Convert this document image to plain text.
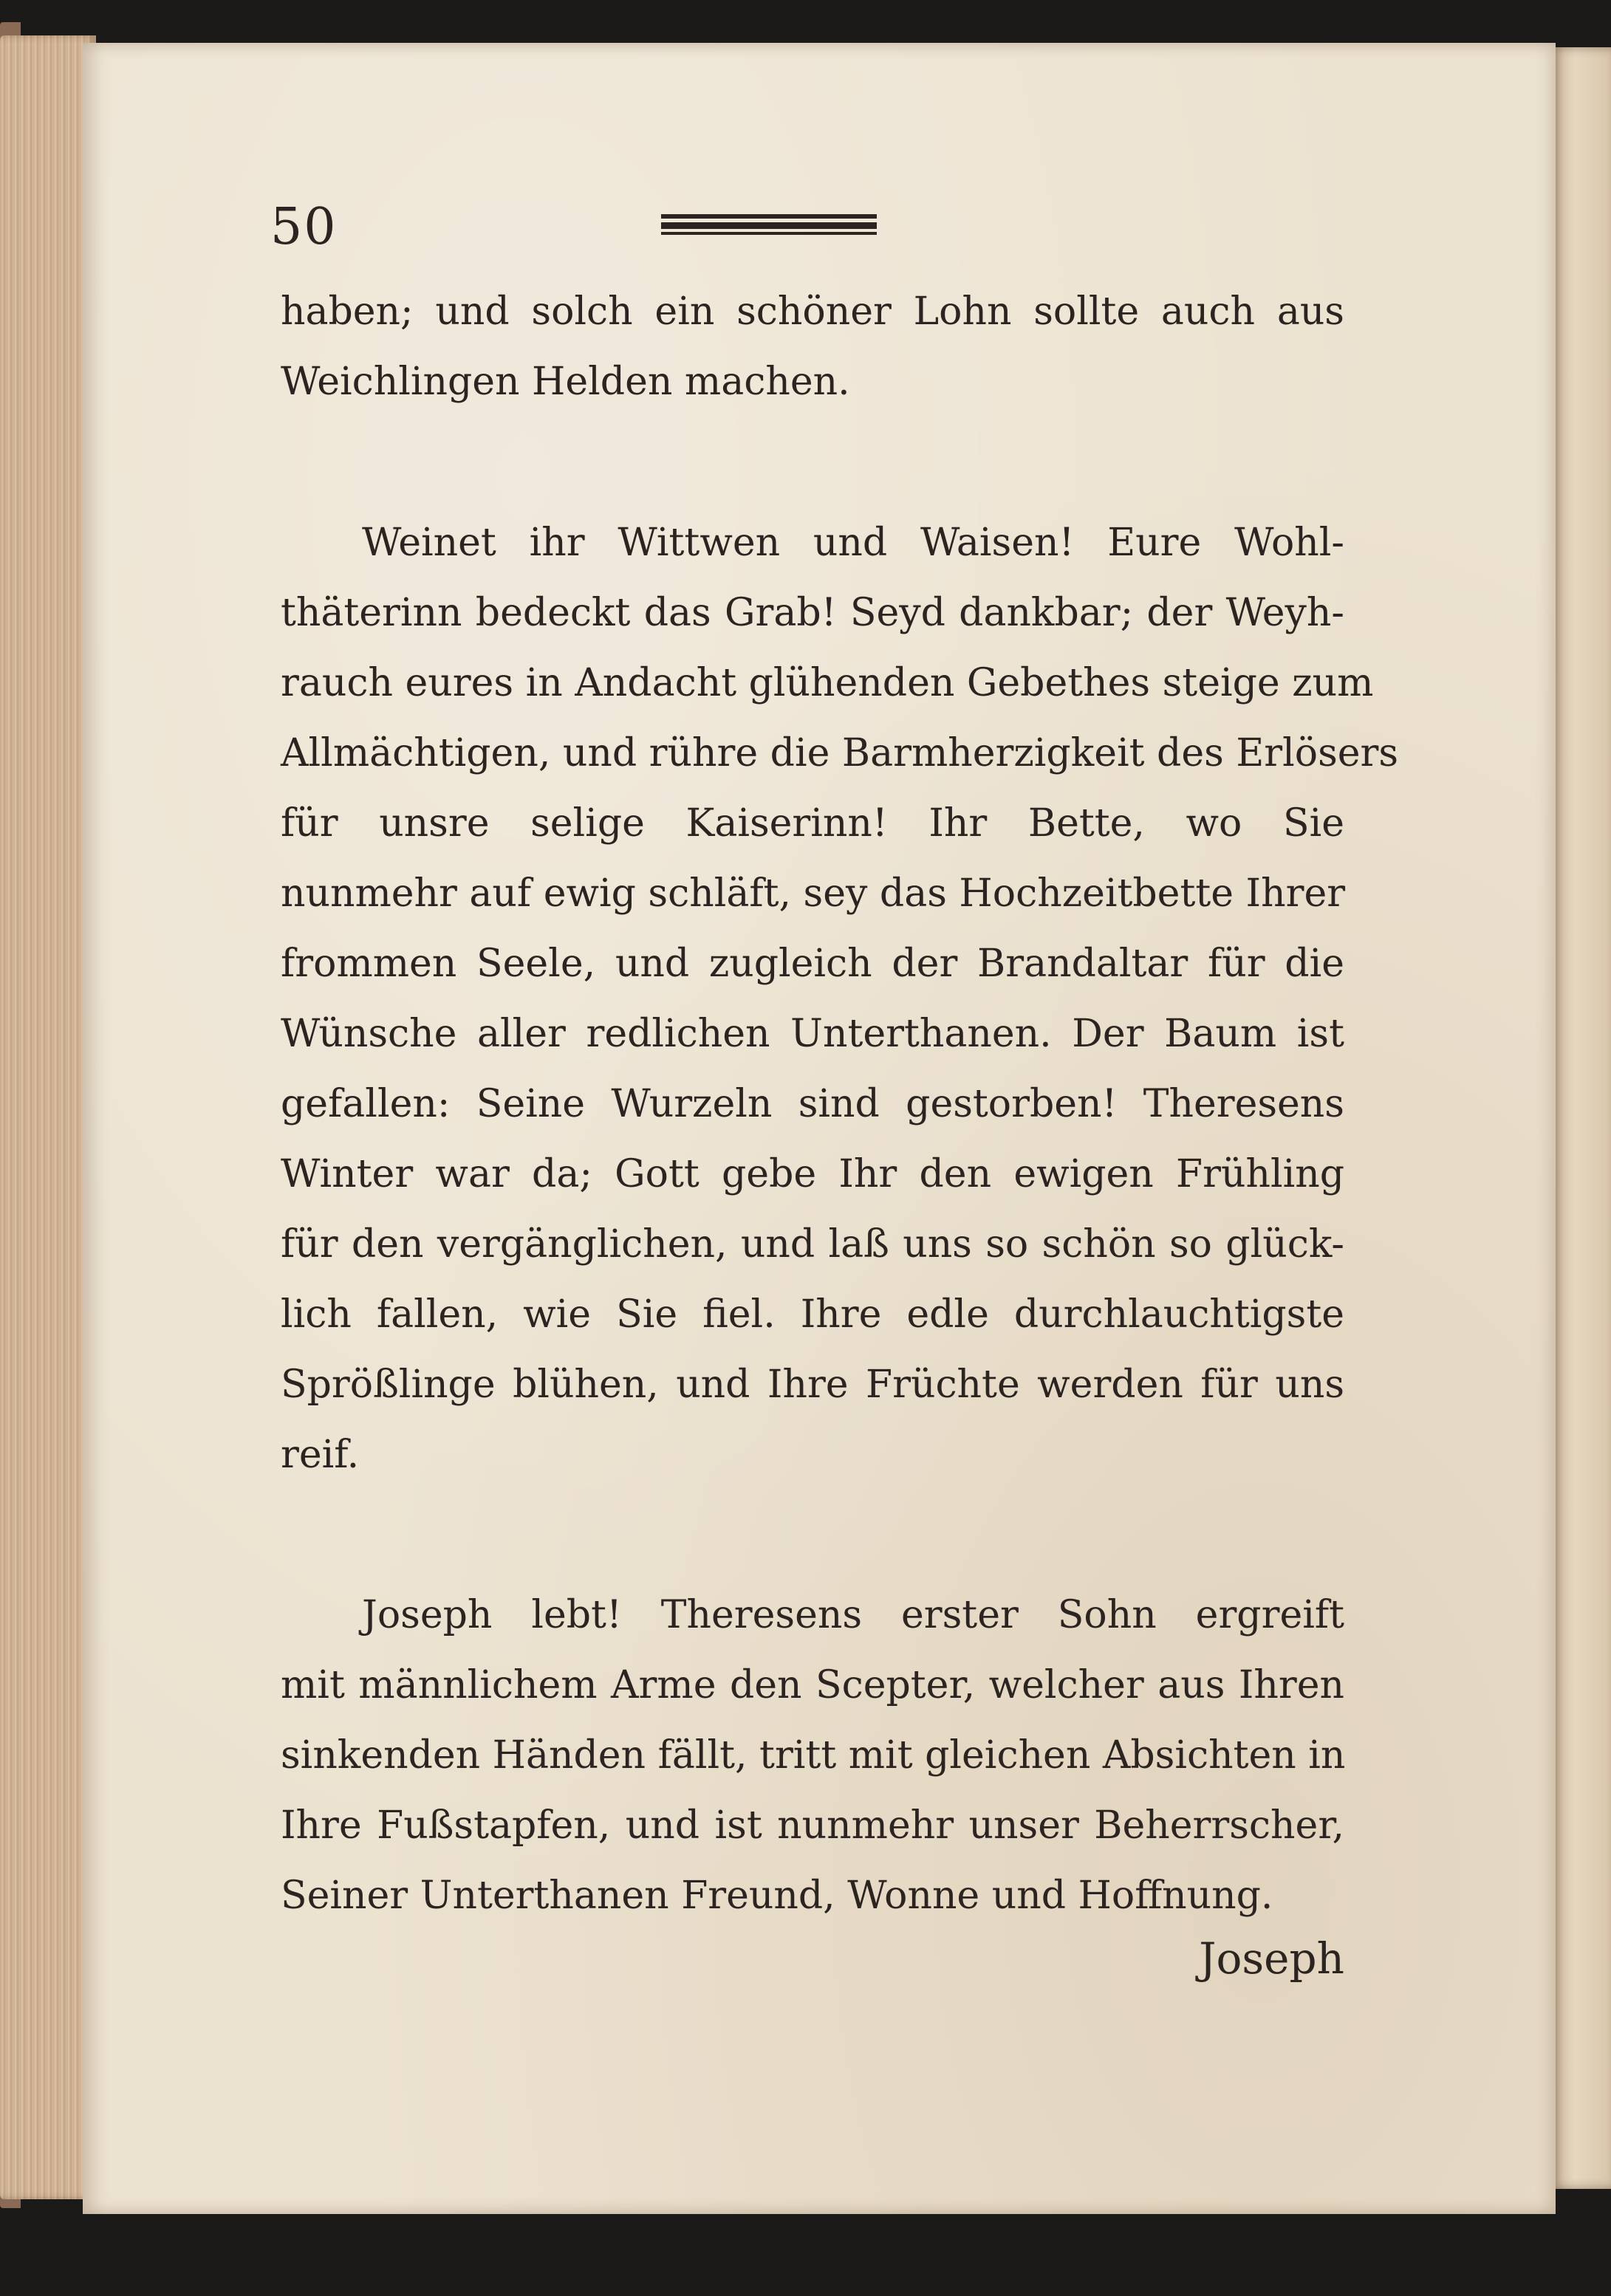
50
haben; und solch ein schöner Lohn sollte auch aus
Weichlingen Helden machen.
Weinet ihr Wittwen und Waisen! Eure Wohl-
thäterinn bedeckt das Grab! Seyd dankbar; der Weyh-
rauch eures in Andacht glühenden Gebethes steige zum
Allmächtigen, und rühre die Barmherzigkeit des Erlösers
für unsre selige Kaiserinn! Ihr Bette, wo Sie
nunmehr auf ewig schläft, sey das Hochzeitbette Ihrer
frommen Seele, und zugleich der Brandaltar für die
Wünsche aller redlichen Unterthanen. Der Baum ist
gefallen: Seine Wurzeln sind gestorben! Theresens
Winter war da; Gott gebe Ihr den ewigen Frühling
für den vergänglichen, und laß uns so schön so glück-
lich fallen, wie Sie fiel. Ihre edle durchlauchtigste
Sprößlinge blühen, und Ihre Früchte werden für uns
reif.
Joseph lebt! Theresens erster Sohn ergreift
mit männlichem Arme den Scepter, welcher aus Ihren
sinkenden Händen fällt, tritt mit gleichen Absichten in
Ihre Fußstapfen, und ist nunmehr unser Beherrscher,
Seiner Unterthanen Freund, Wonne und Hoffnung.
Joseph
